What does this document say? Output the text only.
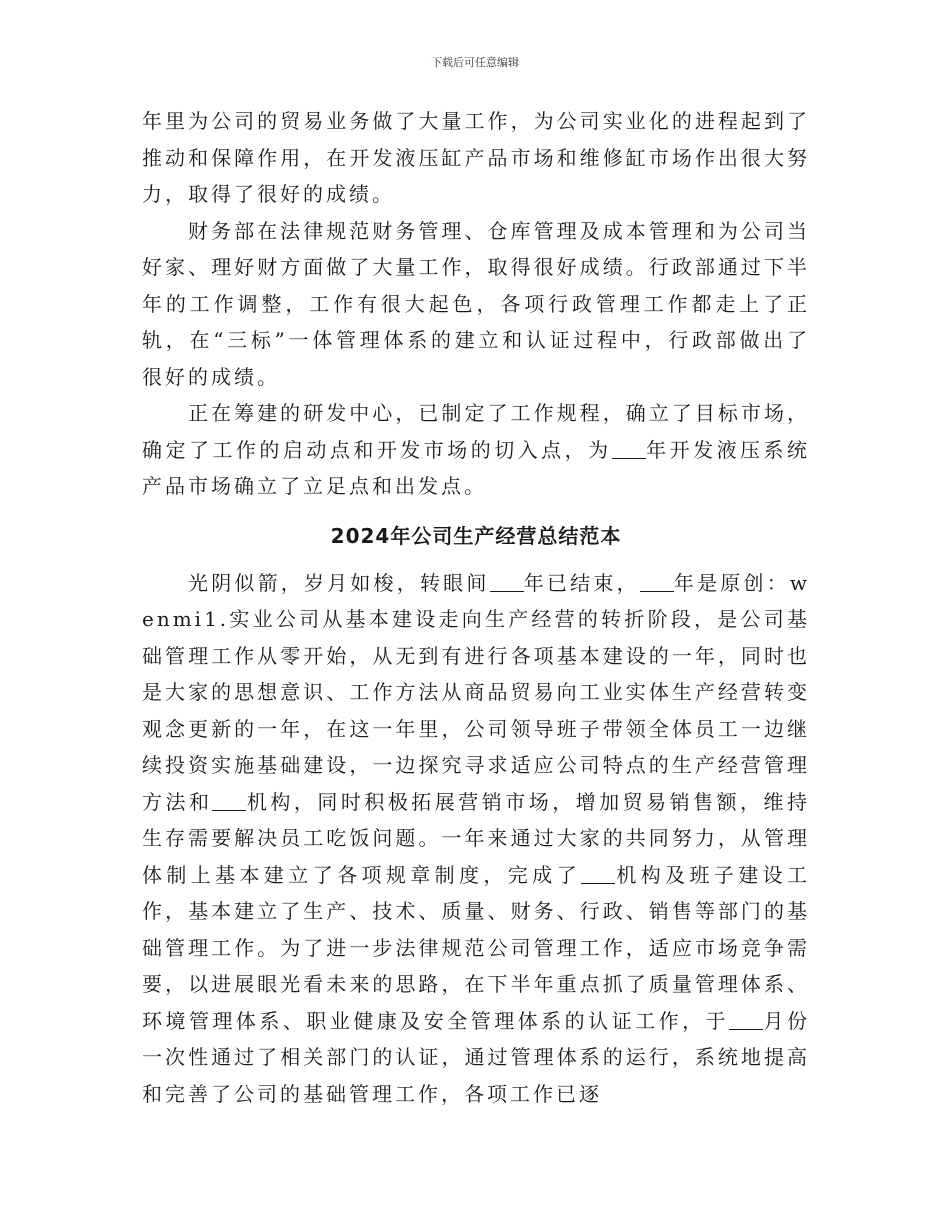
下载后可任意编辑

年里为公司的贸易业务做了大量工作，为公司实业化的进程起到了推动和保障作用，在开发液压缸产品市场和维修缸市场作出很大努力，取得了很好的成绩。

财务部在法律规范财务管理、仓库管理及成本管理和为公司当好家、理好财方面做了大量工作，取得很好成绩。行政部通过下半年的工作调整，工作有很大起色，各项行政管理工作都走上了正轨，在“三标”一体管理体系的建立和认证过程中，行政部做出了很好的成绩。

正在筹建的研发中心，已制定了工作规程，确立了目标市场，确定了工作的启动点和开发市场的切入点，为 年开发液压系统产品市场确立了立足点和出发点。

2024年公司生产经营总结范本

光阴似箭，岁月如梭，转眼间 年已结束， 年是原创：wenmi1.实业公司从基本建设走向生产经营的转折阶段，是公司基础管理工作从零开始，从无到有进行各项基本建设的一年，同时也是大家的思想意识、工作方法从商品贸易向工业实体生产经营转变观念更新的一年，在这一年里，公司领导班子带领全体员工一边继续投资实施基础建设，一边探究寻求适应公司特点的生产经营管理方法和 机构，同时积极拓展营销市场，增加贸易销售额，维持生存需要解决员工吃饭问题。一年来通过大家的共同努力，从管理体制上基本建立了各项规章制度，完成了 机构及班子建设工作，基本建立了生产、技术、质量、财务、行政、销售等部门的基础管理工作。为了进一步法律规范公司管理工作，适应市场竞争需要，以进展眼光看未来的思路，在下半年重点抓了质量管理体系、环境管理体系、职业健康及安全管理体系的认证工作，于 月份一次性通过了相关部门的认证，通过管理体系的运行，系统地提高和完善了公司的基础管理工作，各项工作已逐
